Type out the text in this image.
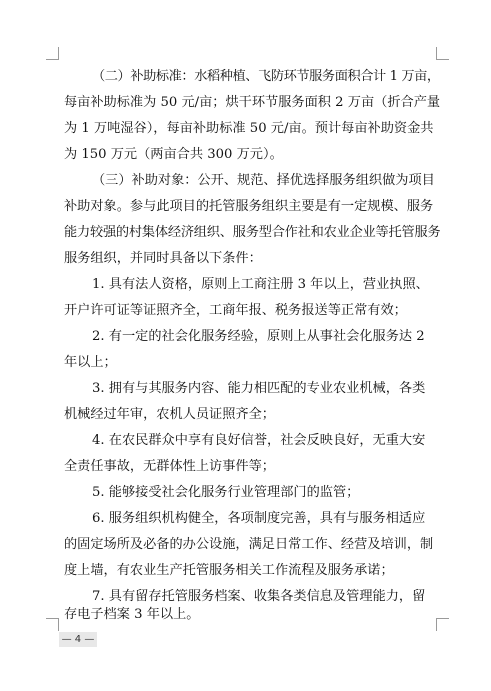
（二）补助标准：水稻种植、飞防环节服务面积合计 1 万亩，
每亩补助标准为 50 元/亩；烘干环节服务面积 2 万亩（折合产量
为 1 万吨湿谷），每亩补助标准 50 元/亩。预计每亩补助资金共
为 150 万元（两亩合共 300 万元）。
（三）补助对象：公开、规范、择优选择服务组织做为项目
补助对象。参与此项目的托管服务组织主要是有一定规模、服务
能力较强的村集体经济组织、服务型合作社和农业企业等托管服务
服务组织，并同时具备以下条件：
1. 具有法人资格，原则上工商注册 3 年以上，营业执照、
开户许可证等证照齐全，工商年报、税务报送等正常有效；
2. 有一定的社会化服务经验，原则上从事社会化服务达 2
年以上；
3. 拥有与其服务内容、能力相匹配的专业农业机械，各类
机械经过年审，农机人员证照齐全；
4. 在农民群众中享有良好信誉，社会反映良好，无重大安
全责任事故，无群体性上访事件等；
5. 能够接受社会化服务行业管理部门的监管；
6. 服务组织机构健全，各项制度完善，具有与服务相适应
的固定场所及必备的办公设施，满足日常工作、经营及培训，制
度上墙，有农业生产托管服务相关工作流程及服务承诺；
7. 具有留存托管服务档案、收集各类信息及管理能力，留
存电子档案 3 年以上。
— 4 —
